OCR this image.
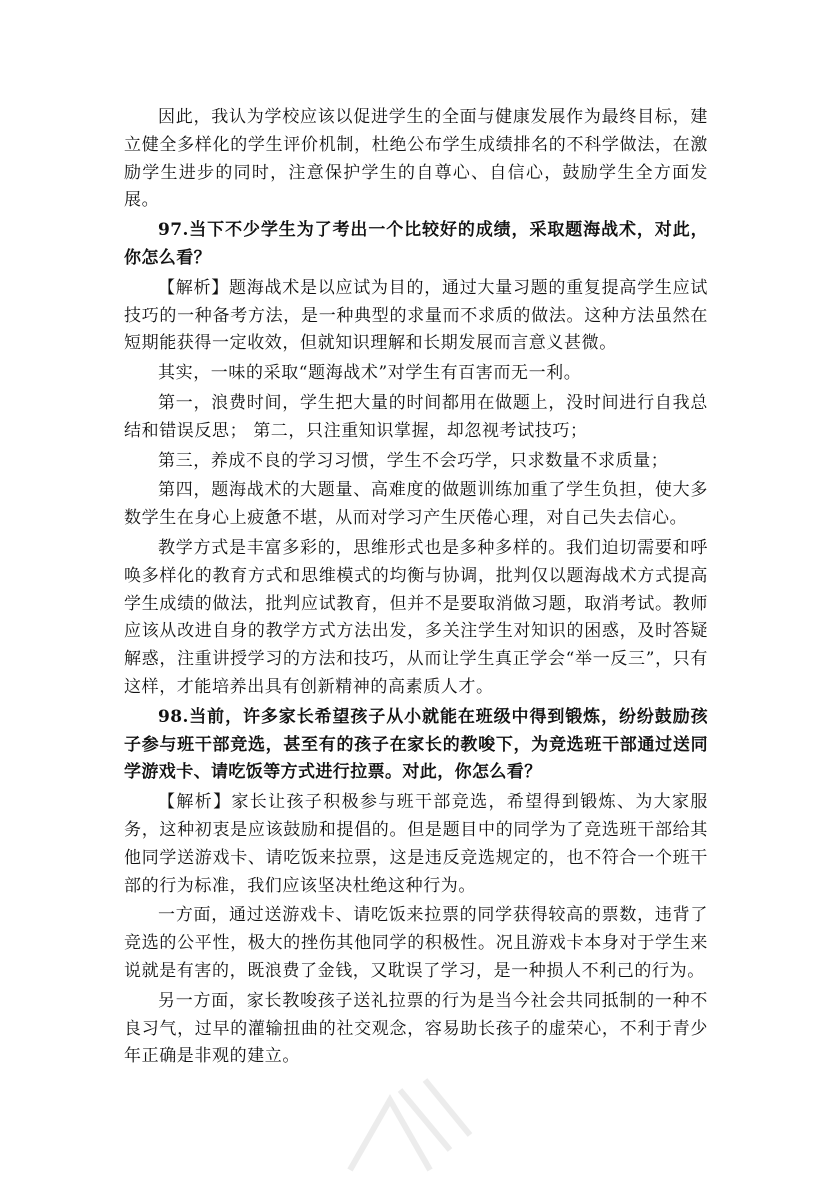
因此，我认为学校应该以促进学生的全面与健康发展作为最终目标，建立健全多样化的学生评价机制，杜绝公布学生成绩排名的不科学做法，在激励学生进步的同时，注意保护学生的自尊心、自信心，鼓励学生全方面发展。

97.当下不少学生为了考出一个比较好的成绩，采取题海战术，对此，你怎么看？

【解析】题海战术是以应试为目的，通过大量习题的重复提高学生应试技巧的一种备考方法，是一种典型的求量而不求质的做法。这种方法虽然在短期能获得一定收效，但就知识理解和长期发展而言意义甚微。

其实，一味的采取“题海战术”对学生有百害而无一利。

第一，浪费时间，学生把大量的时间都用在做题上，没时间进行自我总结和错误反思； 第二，只注重知识掌握，却忽视考试技巧；

第三，养成不良的学习习惯，学生不会巧学，只求数量不求质量；

第四，题海战术的大题量、高难度的做题训练加重了学生负担，使大多数学生在身心上疲惫不堪，从而对学习产生厌倦心理，对自己失去信心。

教学方式是丰富多彩的，思维形式也是多种多样的。我们迫切需要和呼唤多样化的教育方式和思维模式的均衡与协调，批判仅以题海战术方式提高学生成绩的做法，批判应试教育，但并不是要取消做习题，取消考试。教师应该从改进自身的教学方式方法出发，多关注学生对知识的困惑，及时答疑解惑，注重讲授学习的方法和技巧，从而让学生真正学会“举一反三”，只有这样，才能培养出具有创新精神的高素质人才。

98.当前，许多家长希望孩子从小就能在班级中得到锻炼，纷纷鼓励孩子参与班干部竞选，甚至有的孩子在家长的教唆下，为竞选班干部通过送同学游戏卡、请吃饭等方式进行拉票。对此，你怎么看？

【解析】家长让孩子积极参与班干部竞选，希望得到锻炼、为大家服务，这种初衷是应该鼓励和提倡的。但是题目中的同学为了竞选班干部给其他同学送游戏卡、请吃饭来拉票，这是违反竞选规定的，也不符合一个班干部的行为标准，我们应该坚决杜绝这种行为。

一方面，通过送游戏卡、请吃饭来拉票的同学获得较高的票数，违背了竞选的公平性，极大的挫伤其他同学的积极性。况且游戏卡本身对于学生来说就是有害的，既浪费了金钱，又耽误了学习，是一种损人不利己的行为。

另一方面，家长教唆孩子送礼拉票的行为是当今社会共同抵制的一种不良习气，过早的灌输扭曲的社交观念，容易助长孩子的虚荣心，不利于青少年正确是非观的建立。
